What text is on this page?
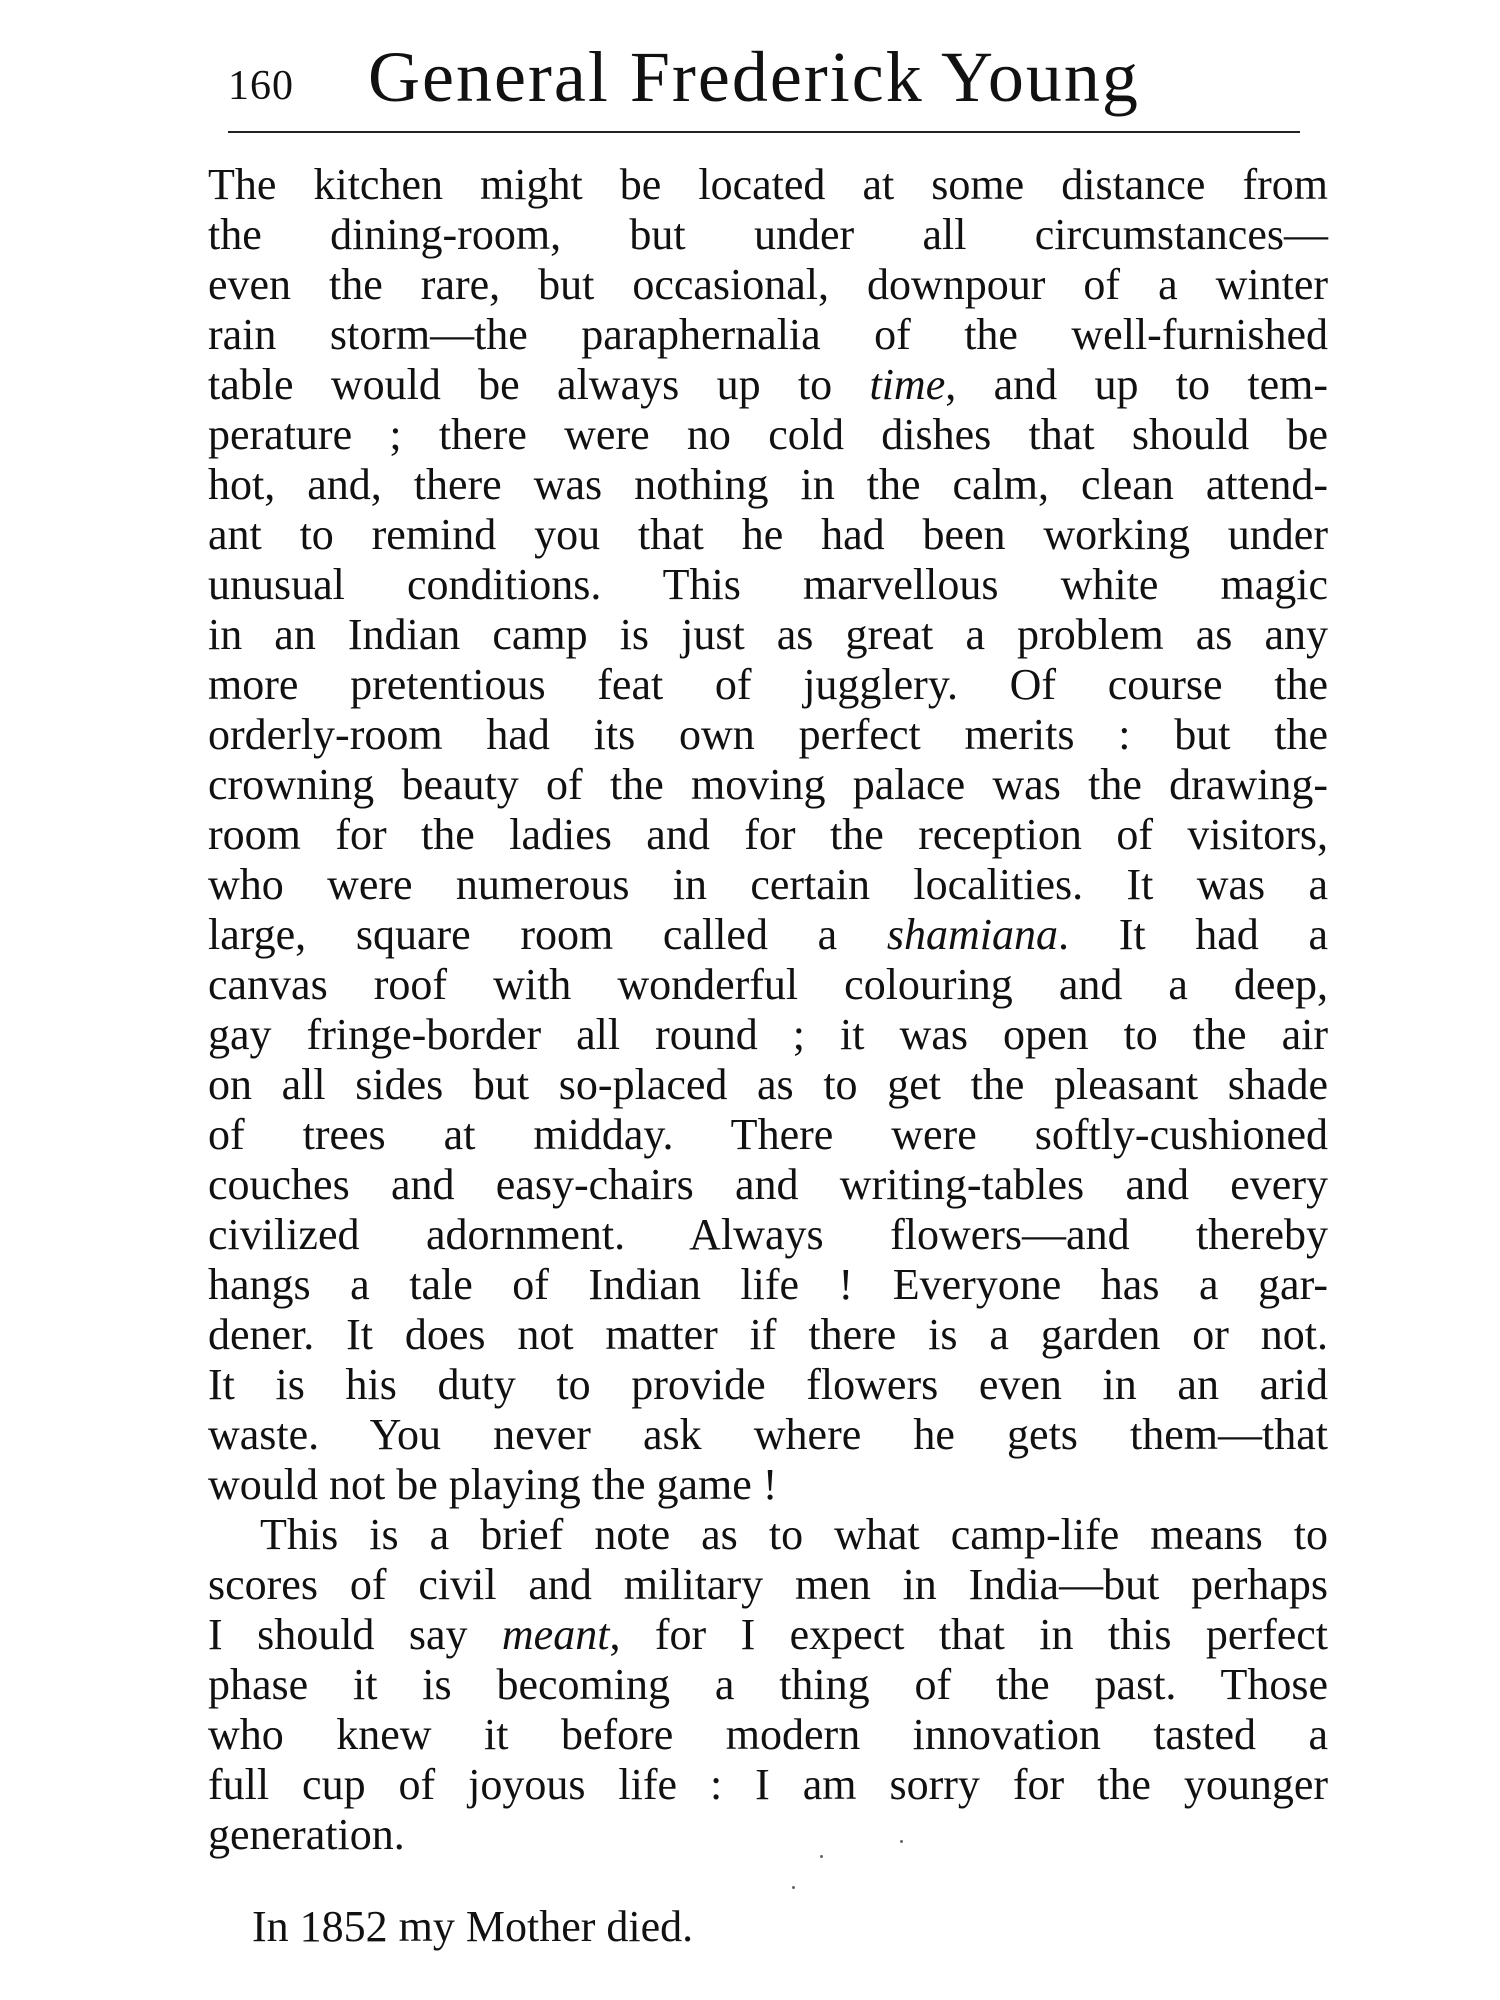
160 General Frederick Young
The kitchen might be located at some distance from
the dining-room, but under all circumstances—
even the rare, but occasional, downpour of a winter
rain storm—the paraphernalia of the well-furnished
table would be always up to time, and up to tem-
perature ; there were no cold dishes that should be
hot, and, there was nothing in the calm, clean attend-
ant to remind you that he had been working under
unusual conditions. This marvellous white magic
in an Indian camp is just as great a problem as any
more pretentious feat of jugglery. Of course the
orderly-room had its own perfect merits : but the
crowning beauty of the moving palace was the drawing-
room for the ladies and for the reception of visitors,
who were numerous in certain localities. It was a
large, square room called a shamiana. It had a
canvas roof with wonderful colouring and a deep,
gay fringe-border all round ; it was open to the air
on all sides but so-placed as to get the pleasant shade
of trees at midday. There were softly-cushioned
couches and easy-chairs and writing-tables and every
civilized adornment. Always flowers—and thereby
hangs a tale of Indian life ! Everyone has a gar-
dener. It does not matter if there is a garden or not.
It is his duty to provide flowers even in an arid
waste. You never ask where he gets them—that
would not be playing the game !
This is a brief note as to what camp-life means to
scores of civil and military men in India—but perhaps
I should say meant, for I expect that in this perfect
phase it is becoming a thing of the past. Those
who knew it before modern innovation tasted a
full cup of joyous life : I am sorry for the younger
generation.
In 1852 my Mother died.
